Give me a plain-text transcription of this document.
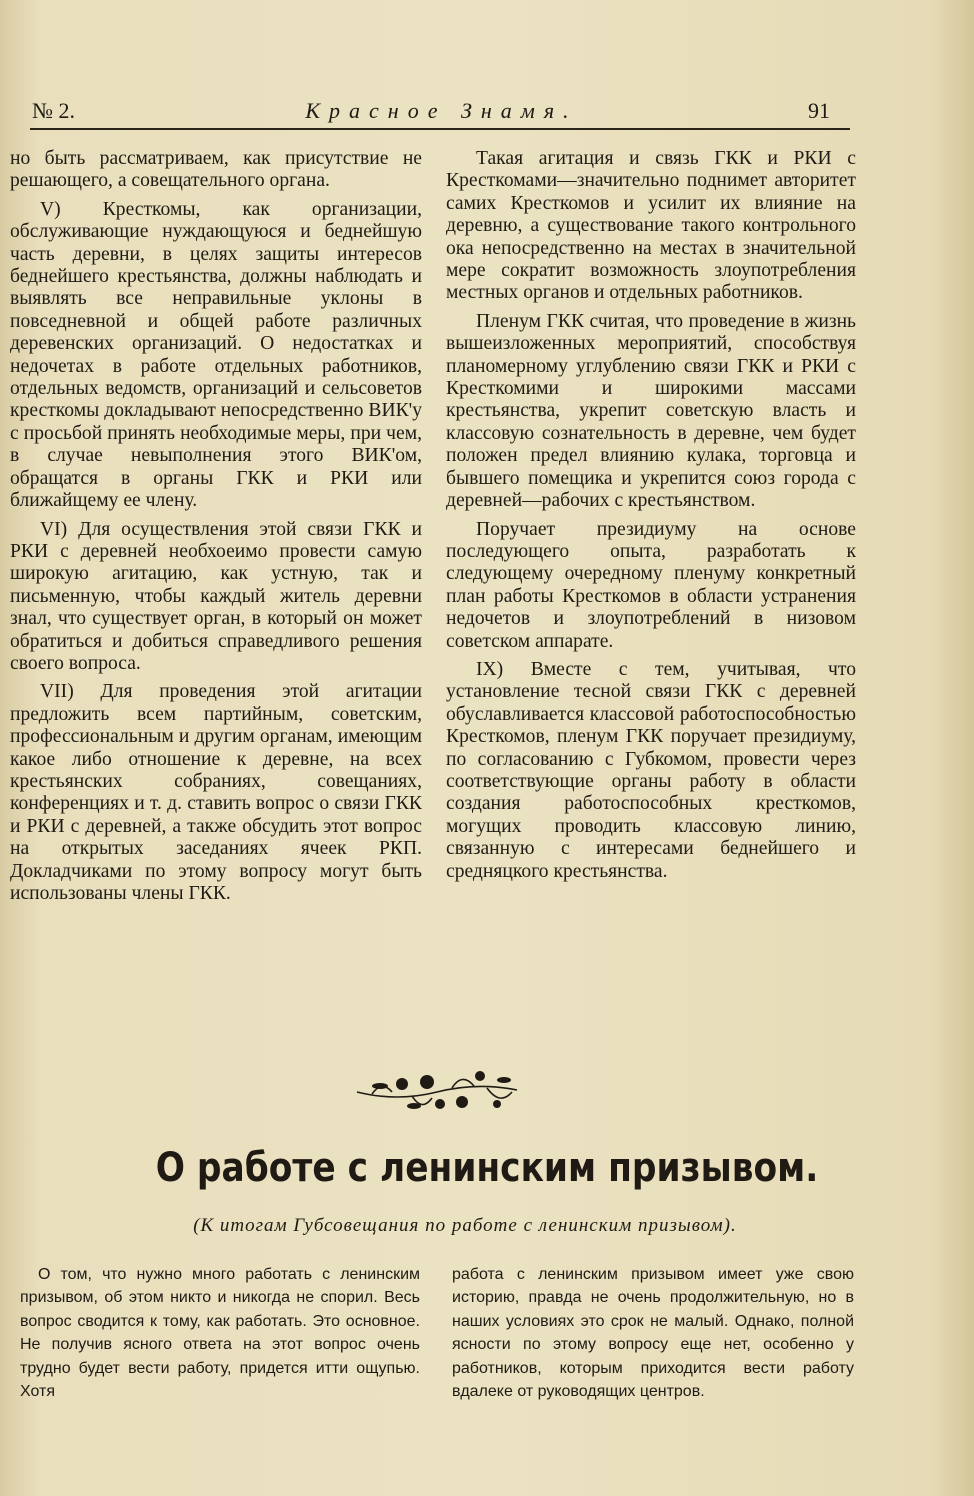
№ 2.	Красное Знамя.	91

но быть рассматриваем, как присутствие не решающего, а совещательного органа.

V) Кресткомы, как организации, обслуживающие нуждающуюся и беднейшую часть деревни, в целях защиты интересов беднейшего крестьянства, должны наблюдать и выявлять все неправильные уклоны в повседневной и общей работе различных деревенских организаций. О недостатках и недочетах в работе отдельных работников, отдельных ведомств, организаций и сельсоветов кресткомы докладывают непосредственно ВИК'у с просьбой принять необходимые меры, при чем, в случае невыполнения этого ВИК'ом, обращатся в органы ГКК и РКИ или ближайщему ее члену.

VI) Для осуществления этой связи ГКК и РКИ с деревней необхоеимо провести самую широкую агитацию, как устную, так и письменную, чтобы каждый житель деревни знал, что существует орган, в который он может обратиться и добиться справедливого решения своего вопроса.

VII) Для проведения этой агитации предложить всем партийным, советским, профессиональным и другим органам, имеющим какое либо отношение к деревне, на всех крестьянских собраниях, совещаниях, конференциях и т. д. ставить вопрос о связи ГКК и РКИ с деревней, а также обсудить этот вопрос на открытых заседаниях ячеек РКП. Докладчиками по этому вопросу могут быть использованы члены ГКК.

Такая агитация и связь ГКК и РКИ с Кресткомами—значительно поднимет авторитет самих Кресткомов и усилит их влияние на деревню, а существование такого контрольного ока непосредственно на местах в значительной мере сократит возможность злоупотребления местных органов и отдельных работников.

Пленум ГКК считая, что проведение в жизнь вышеизложенных мероприятий, способствуя планомерному углублению связи ГКК и РКИ с Кресткомими и широкими массами крестьянства, укрепит советскую власть и классовую сознательность в деревне, чем будет положен предел влиянию кулака, торговца и бывшего помещика и укрепится союз города с деревней—рабочих с крестьянством.

Поручает президиуму на основе последующего опыта, разработать к следующему очередному пленуму конкретный план работы Кресткомов в области устранения недочетов и злоупотреблений в низовом советском аппарате.

IX) Вместе с тем, учитывая, что установление тесной связи ГКК с деревней обуславливается классовой работоспособностью Кресткомов, пленум ГКК поручает президиуму, по согласованию с Губкомом, провести через соответствующие органы работу в области создания работоспособных кресткомов, могущих проводить классовую линию, связанную с интересами беднейшего и средняцкого крестьянства.

О работе с ленинским призывом.
(К итогам Губсовещания по работе с ленинским призывом).

О том, что нужно много работать с ленинским призывом, об этом никто и никогда не спорил. Весь вопрос сводится к тому, как работать. Это основное. Не получив ясного ответа на этот вопрос очень трудно будет вести работу, придется итти ощупью. Хотя

работа с ленинским призывом имеет уже свою историю, правда не очень продолжительную, но в наших условиях это срок не малый. Однако, полной ясности по этому вопросу еще нет, особенно у работников, которым приходится вести работу вдалеке от руководящих центров.
